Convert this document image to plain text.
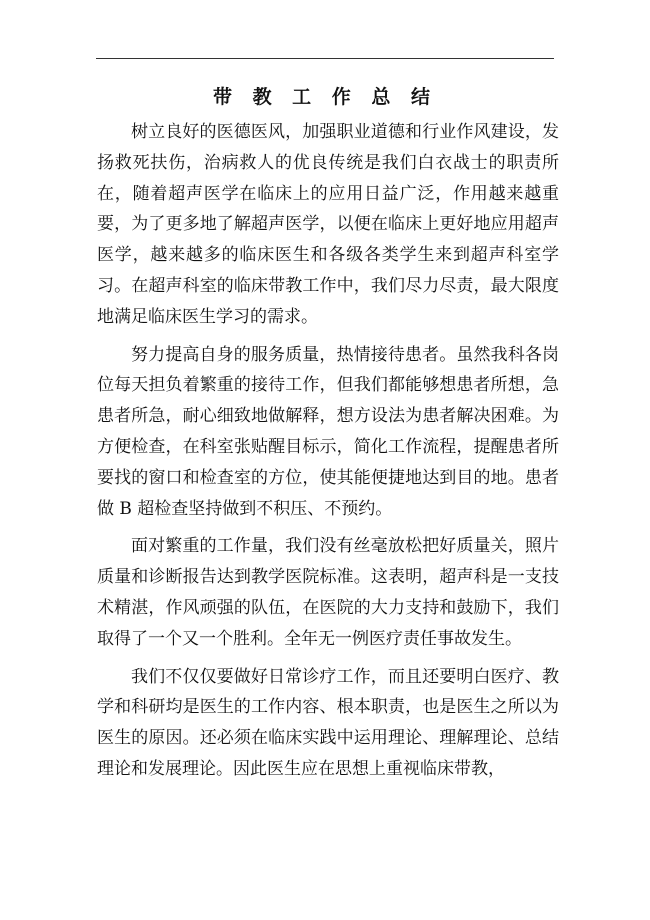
带 教 工 作 总 结

树立良好的医德医风，加强职业道德和行业作风建设，发扬救死扶伤，治病救人的优良传统是我们白衣战士的职责所在，随着超声医学在临床上的应用日益广泛，作用越来越重要，为了更多地了解超声医学，以便在临床上更好地应用超声医学，越来越多的临床医生和各级各类学生来到超声科室学习。在超声科室的临床带教工作中，我们尽力尽责，最大限度地满足临床医生学习的需求。

努力提高自身的服务质量，热情接待患者。虽然我科各岗位每天担负着繁重的接待工作，但我们都能够想患者所想，急患者所急，耐心细致地做解释，想方设法为患者解决困难。为方便检查，在科室张贴醒目标示，简化工作流程，提醒患者所要找的窗口和检查室的方位，使其能便捷地达到目的地。患者做 B 超检查坚持做到不积压、不预约。

面对繁重的工作量，我们没有丝毫放松把好质量关，照片质量和诊断报告达到教学医院标准。这表明，超声科是一支技术精湛，作风顽强的队伍，在医院的大力支持和鼓励下，我们取得了一个又一个胜利。全年无一例医疗责任事故发生。

我们不仅仅要做好日常诊疗工作，而且还要明白医疗、教学和科研均是医生的工作内容、根本职责，也是医生之所以为医生的原因。还必须在临床实践中运用理论、理解理论、总结理论和发展理论。因此医生应在思想上重视临床带教，
